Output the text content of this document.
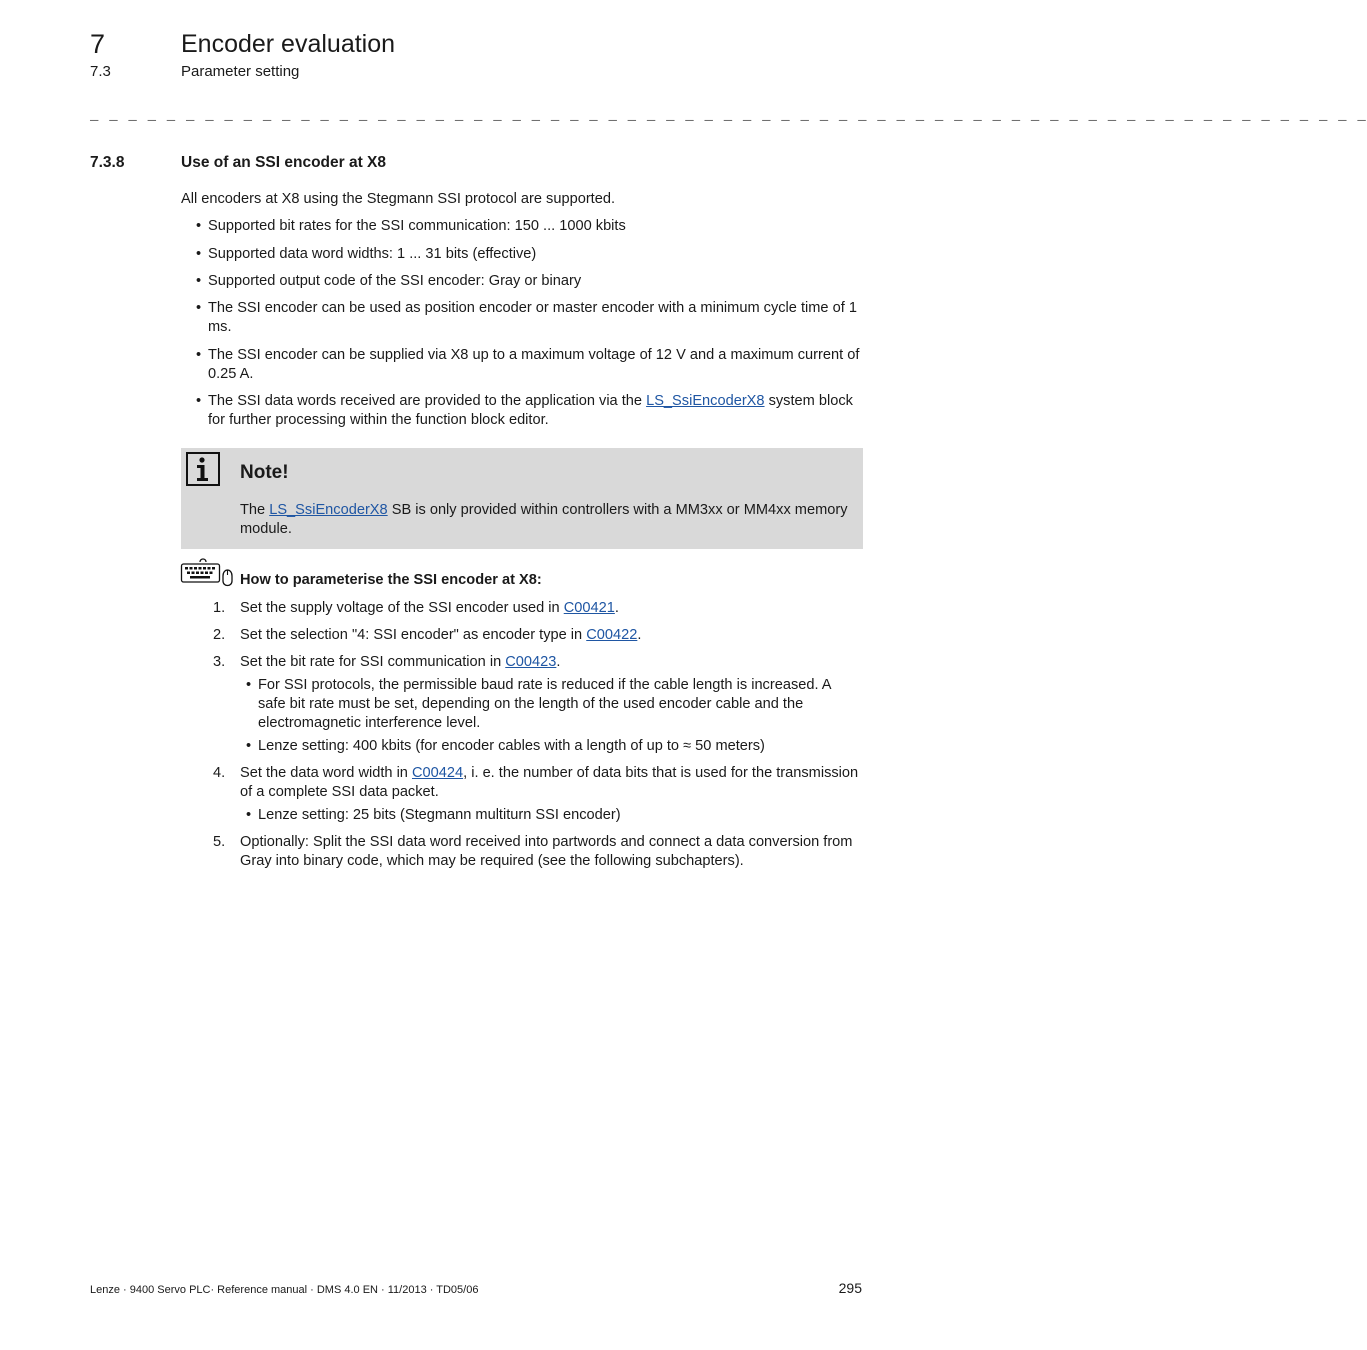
7	Encoder evaluation
7.3	Parameter setting
_ _ _ _ _ _ _ _ _ _ _ _ _ _ _ _ _ _ _ _ _ _ _ _ _ _ _ _ _ _ _ _ _ _ _ _ _ _ _ _ _ _ _ _ _ _ _ _ _ _ _ _ _ _ _ _ _ _ _ _ _ _ _ _ _ _ _
7.3.8	Use of an SSI encoder at X8
All encoders at X8 using the Stegmann SSI protocol are supported.
• Supported bit rates for the SSI communication: 150 ... 1000 kbits
• Supported data word widths: 1 ... 31 bits (effective)
• Supported output code of the SSI encoder: Gray or binary
• The SSI encoder can be used as position encoder or master encoder with a minimum cycle time of 1 ms.
• The SSI encoder can be supplied via X8 up to a maximum voltage of 12 V and a maximum current of 0.25 A.
• The SSI data words received are provided to the application via the LS_SsiEncoderX8 system block for further processing within the function block editor.
Note!
The LS_SsiEncoderX8 SB is only provided within controllers with a MM3xx or MM4xx memory module.
How to parameterise the SSI encoder at X8:
1. Set the supply voltage of the SSI encoder used in C00421.
2. Set the selection "4: SSI encoder" as encoder type in C00422.
3. Set the bit rate for SSI communication in C00423.
• For SSI protocols, the permissible baud rate is reduced if the cable length is increased. A safe bit rate must be set, depending on the length of the used encoder cable and the electromagnetic interference level.
• Lenze setting: 400 kbits (for encoder cables with a length of up to ≈ 50 meters)
4. Set the data word width in C00424, i. e. the number of data bits that is used for the transmission of a complete SSI data packet.
• Lenze setting: 25 bits (Stegmann multiturn SSI encoder)
5. Optionally: Split the SSI data word received into partwords and connect a data conversion from Gray into binary code, which may be required (see the following subchapters).
Lenze · 9400 Servo PLC· Reference manual · DMS 4.0 EN · 11/2013 · TD05/06	295
